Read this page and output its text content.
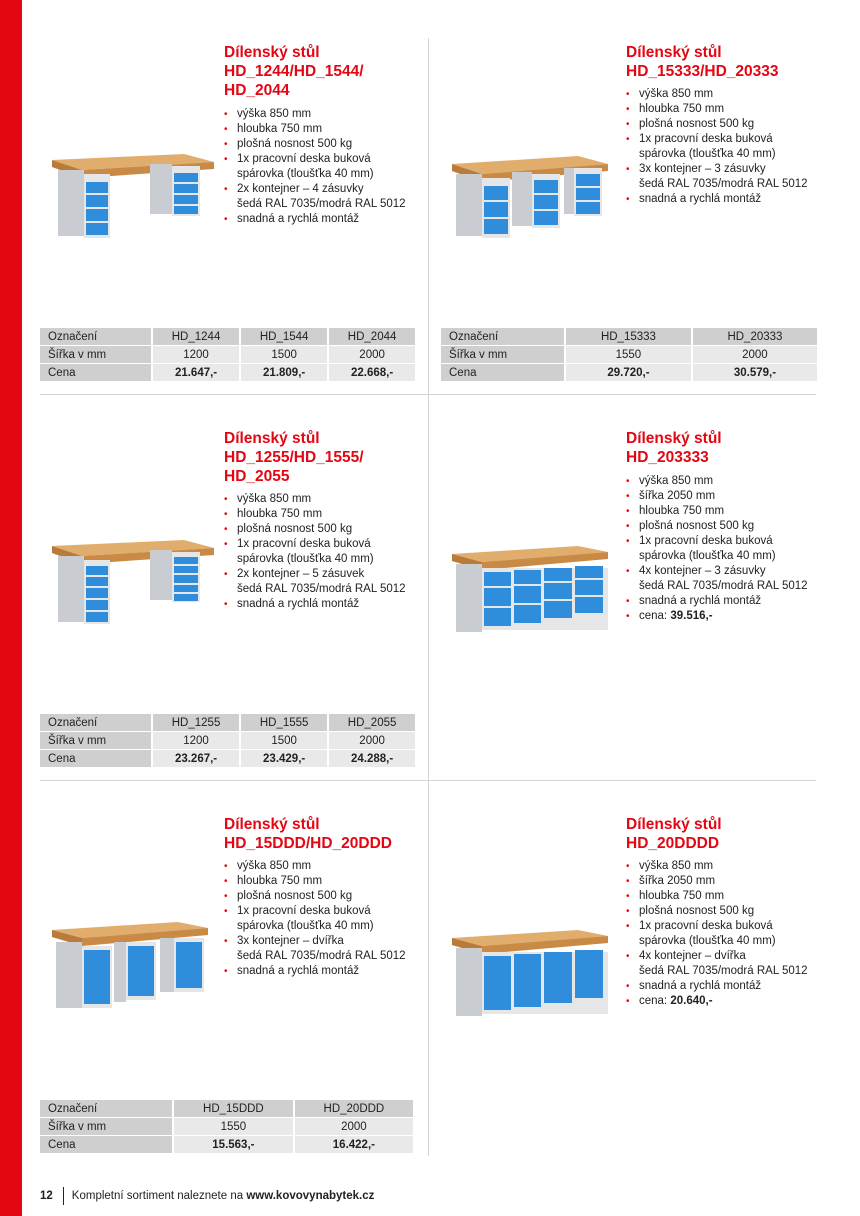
Dílenský stůl
HD_1244/HD_1544/
HD_2044
• výška 850 mm
• hloubka 750 mm
• plošná nosnost 500 kg
• 1x pracovní deska buková
spárovka (tloušťka 40 mm)
• 2x kontejner – 4 zásuvky
šedá RAL 7035/modrá RAL 5012
• snadná a rychlá montáž
Označení	HD_1244	HD_1544	HD_2044
Šířka v mm	1200	1500	2000
Cena	21.647,-	21.809,-	22.668,-
Dílenský stůl
HD_15333/HD_20333
• výška 850 mm
• hloubka 750 mm
• plošná nosnost 500 kg
• 1x pracovní deska buková
spárovka (tloušťka 40 mm)
• 3x kontejner – 3 zásuvky
šedá RAL 7035/modrá RAL 5012
• snadná a rychlá montáž
Označení	HD_15333	HD_20333
Šířka v mm	1550	2000
Cena	29.720,-	30.579,-
Dílenský stůl
HD_1255/HD_1555/
HD_2055
• výška 850 mm
• hloubka 750 mm
• plošná nosnost 500 kg
• 1x pracovní deska buková
spárovka (tloušťka 40 mm)
• 2x kontejner – 5 zásuvek
šedá RAL 7035/modrá RAL 5012
• snadná a rychlá montáž
Označení	HD_1255	HD_1555	HD_2055
Šířka v mm	1200	1500	2000
Cena	23.267,-	23.429,-	24.288,-
Dílenský stůl
HD_203333
• výška 850 mm
• šířka 2050 mm
• hloubka 750 mm
• plošná nosnost 500 kg
• 1x pracovní deska buková
spárovka (tloušťka 40 mm)
• 4x kontejner – 3 zásuvky
šedá RAL 7035/modrá RAL 5012
• snadná a rychlá montáž
• cena: 39.516,-
Dílenský stůl
HD_15DDD/HD_20DDD
• výška 850 mm
• hloubka 750 mm
• plošná nosnost 500 kg
• 1x pracovní deska buková
spárovka (tloušťka 40 mm)
• 3x kontejner – dvířka
šedá RAL 7035/modrá RAL 5012
• snadná a rychlá montáž
Označení	HD_15DDD	HD_20DDD
Šířka v mm	1550	2000
Cena	15.563,-	16.422,-
Dílenský stůl
HD_20DDDD
• výška 850 mm
• šířka 2050 mm
• hloubka 750 mm
• plošná nosnost 500 kg
• 1x pracovní deska buková
spárovka (tloušťka 40 mm)
• 4x kontejner – dvířka
šedá RAL 7035/modrá RAL 5012
• snadná a rychlá montáž
• cena: 20.640,-
12 Kompletní sortiment naleznete na www.kovovynabytek.cz
